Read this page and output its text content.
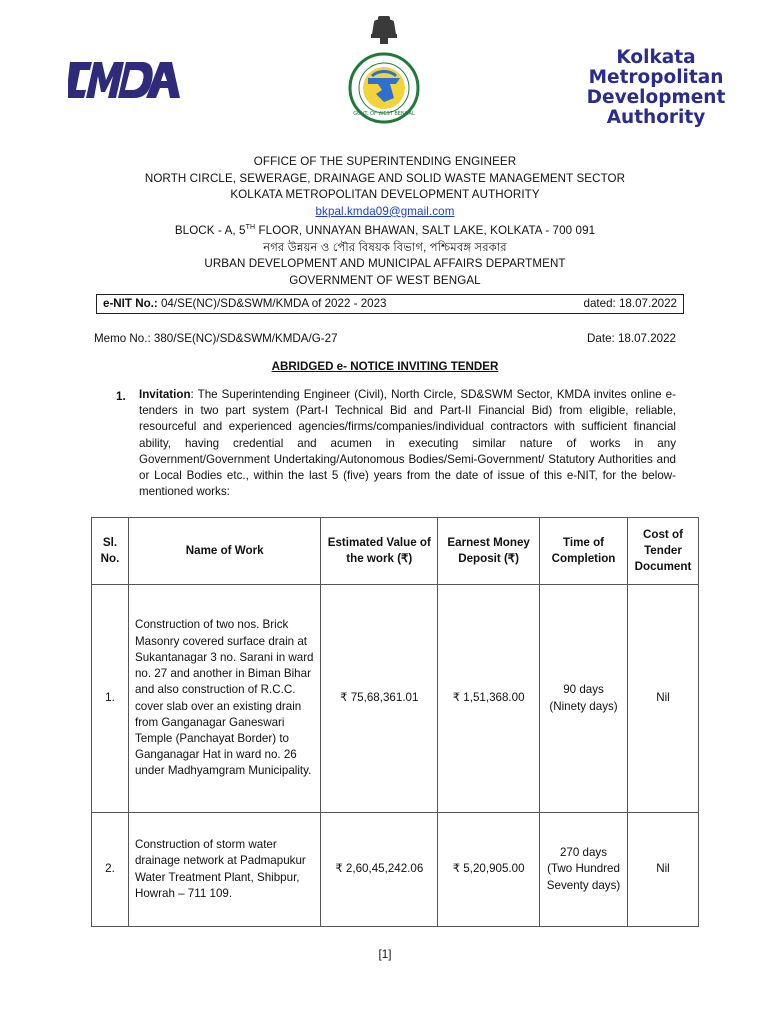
CMDA
GOVT. OF WEST BENGAL
Kolkata
Metropolitan
Development
Authority
OFFICE OF THE SUPERINTENDING ENGINEER
NORTH CIRCLE, SEWERAGE, DRAINAGE AND SOLID WASTE MANAGEMENT SECTOR
KOLKATA METROPOLITAN DEVELOPMENT AUTHORITY
bkpal.kmda09@gmail.com
BLOCK - A, 5TH FLOOR, UNNAYAN BHAWAN, SALT LAKE, KOLKATA - 700 091
নগর উন্নয়ন ও পৌর বিষয়ক বিভাগ, পশ্চিমবঙ্গ সরকার
URBAN DEVELOPMENT AND MUNICIPAL AFFAIRS DEPARTMENT
GOVERNMENT OF WEST BENGAL
e-NIT No.: 04/SE(NC)/SD&SWM/KMDA of 2022 - 2023	dated: 18.07.2022
Memo No.: 380/SE(NC)/SD&SWM/KMDA/G-27	Date: 18.07.2022
ABRIDGED e- NOTICE INVITING TENDER
1. Invitation: The Superintending Engineer (Civil), North Circle, SD&SWM Sector, KMDA invites online e-tenders in two part system (Part-I Technical Bid and Part-II Financial Bid) from eligible, reliable, resourceful and experienced agencies/firms/companies/individual contractors with sufficient financial ability, having credential and acumen in executing similar nature of works in any Government/Government Undertaking/Autonomous Bodies/Semi-Government/ Statutory Authorities and or Local Bodies etc., within the last 5 (five) years from the date of issue of this e-NIT, for the below-mentioned works:
Sl. No.	Name of Work	Estimated Value of the work (₹)	Earnest Money Deposit (₹)	Time of Completion	Cost of Tender Document
1.	Construction of two nos. Brick Masonry covered surface drain at Sukantanagar 3 no. Sarani in ward no. 27 and another in Biman Bihar and also construction of R.C.C. cover slab over an existing drain from Ganganagar Ganeswari Temple (Panchayat Border) to Ganganagar Hat in ward no. 26 under Madhyamgram Municipality.	₹ 75,68,361.01	₹ 1,51,368.00	90 days (Ninety days)	Nil
2.	Construction of storm water drainage network at Padmapukur Water Treatment Plant, Shibpur, Howrah – 711 109.	₹ 2,60,45,242.06	₹ 5,20,905.00	270 days (Two Hundred Seventy days)	Nil
[1]
